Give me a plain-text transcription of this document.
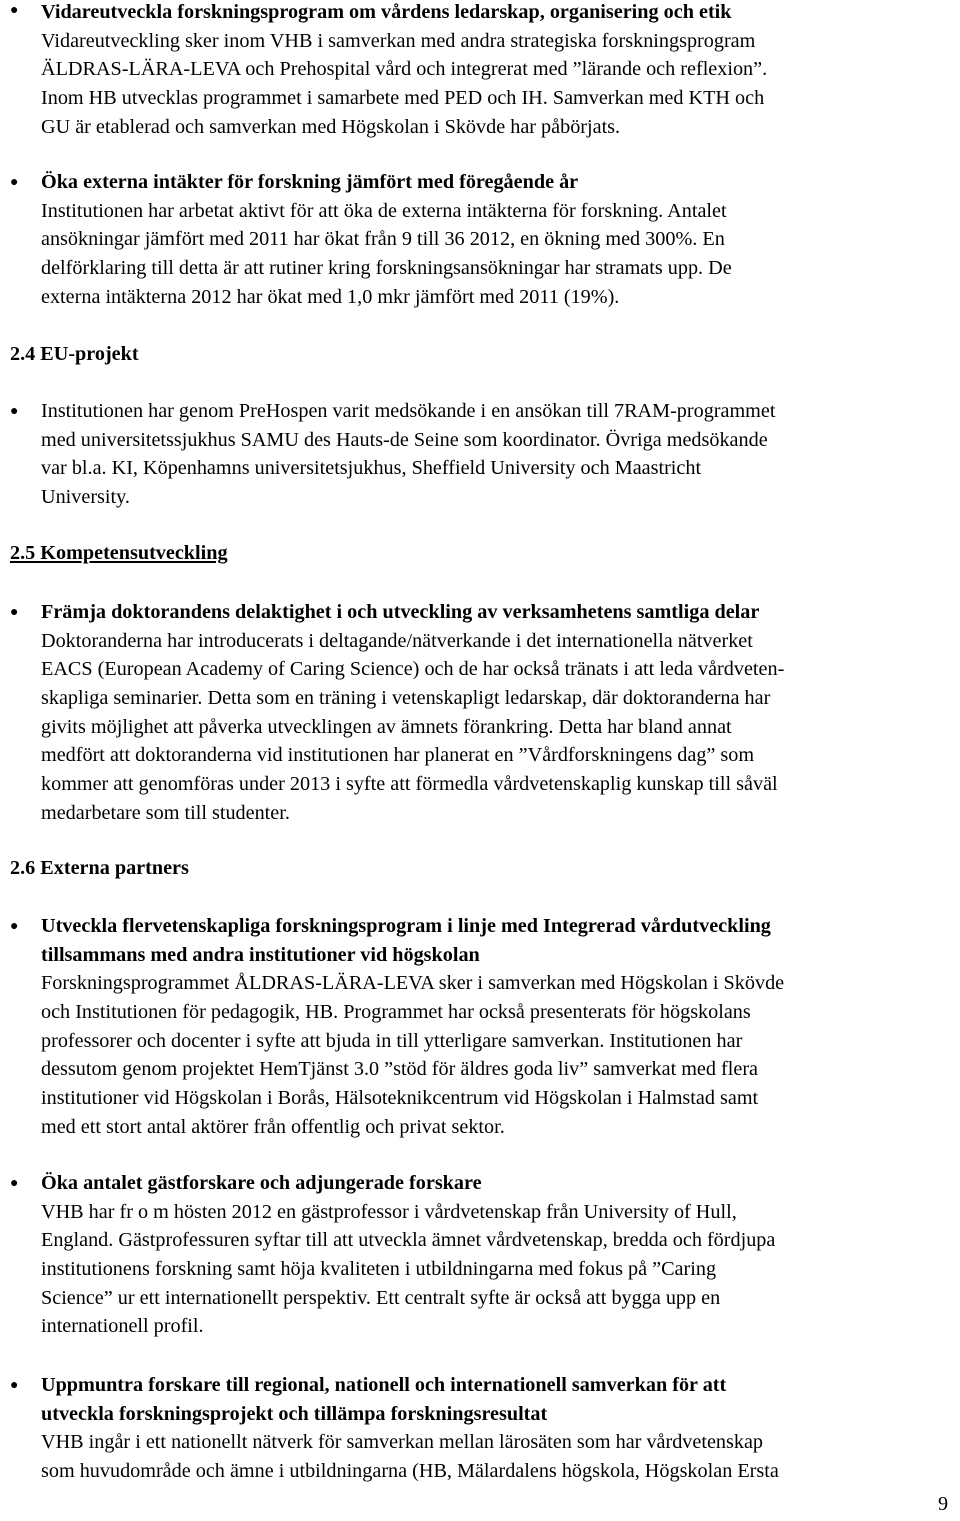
● Vidareutveckla forskningsprogram om vårdens ledarskap, organisering och etik
Vidareutveckling sker inom VHB i samverkan med andra strategiska forskningsprogram
ÄLDRAS-LÄRA-LEVA och Prehospital vård och integrerat med ”lärande och reflexion”.
Inom HB utvecklas programmet i samarbete med PED och IH. Samverkan med KTH och
GU är etablerad och samverkan med Högskolan i Skövde har påbörjats.
● Öka externa intäkter för forskning jämfört med föregående år
Institutionen har arbetat aktivt för att öka de externa intäkterna för forskning. Antalet
ansökningar jämfört med 2011 har ökat från 9 till 36 2012, en ökning med 300%. En
delförklaring till detta är att rutiner kring forskningsansökningar har stramats upp. De
externa intäkterna 2012 har ökat med 1,0 mkr jämfört med 2011 (19%).
2.4 EU-projekt
● Institutionen har genom PreHospen varit medsökande i en ansökan till 7RAM-programmet
med universitetssjukhus SAMU des Hauts-de Seine som koordinator. Övriga medsökande
var bl.a. KI, Köpenhamns universitetsjukhus, Sheffield University och Maastricht
University.
2.5 Kompetensutveckling
● Främja doktorandens delaktighet i och utveckling av verksamhetens samtliga delar
Doktoranderna har introducerats i deltagande/nätverkande i det internationella nätverket
EACS (European Academy of Caring Science) och de har också tränats i att leda vårdveten-
skapliga seminarier. Detta som en träning i vetenskapligt ledarskap, där doktoranderna har
givits möjlighet att påverka utvecklingen av ämnets förankring. Detta har bland annat
medfört att doktoranderna vid institutionen har planerat en ”Vårdforskningens dag” som
kommer att genomföras under 2013 i syfte att förmedla vårdvetenskaplig kunskap till såväl
medarbetare som till studenter.
2.6 Externa partners
● Utveckla flervetenskapliga forskningsprogram i linje med Integrerad vårdutveckling
tillsammans med andra institutioner vid högskolan
Forskningsprogrammet ÅLDRAS-LÄRA-LEVA sker i samverkan med Högskolan i Skövde
och Institutionen för pedagogik, HB. Programmet har också presenterats för högskolans
professorer och docenter i syfte att bjuda in till ytterligare samverkan. Institutionen har
dessutom genom projektet HemTjänst 3.0 ”stöd för äldres goda liv” samverkat med flera
institutioner vid Högskolan i Borås, Hälsoteknikcentrum vid Högskolan i Halmstad samt
med ett stort antal aktörer från offentlig och privat sektor.
● Öka antalet gästforskare och adjungerade forskare
VHB har fr o m hösten 2012 en gästprofessor i vårdvetenskap från University of Hull,
England. Gästprofessuren syftar till att utveckla ämnet vårdvetenskap, bredda och fördjupa
institutionens forskning samt höja kvaliteten i utbildningarna med fokus på ”Caring
Science” ur ett internationellt perspektiv. Ett centralt syfte är också att bygga upp en
internationell profil.
● Uppmuntra forskare till regional, nationell och internationell samverkan för att
utveckla forskningsprojekt och tillämpa forskningsresultat
VHB ingår i ett nationellt nätverk för samverkan mellan lärosäten som har vårdvetenskap
som huvudområde och ämne i utbildningarna (HB, Mälardalens högskola, Högskolan Ersta
9
